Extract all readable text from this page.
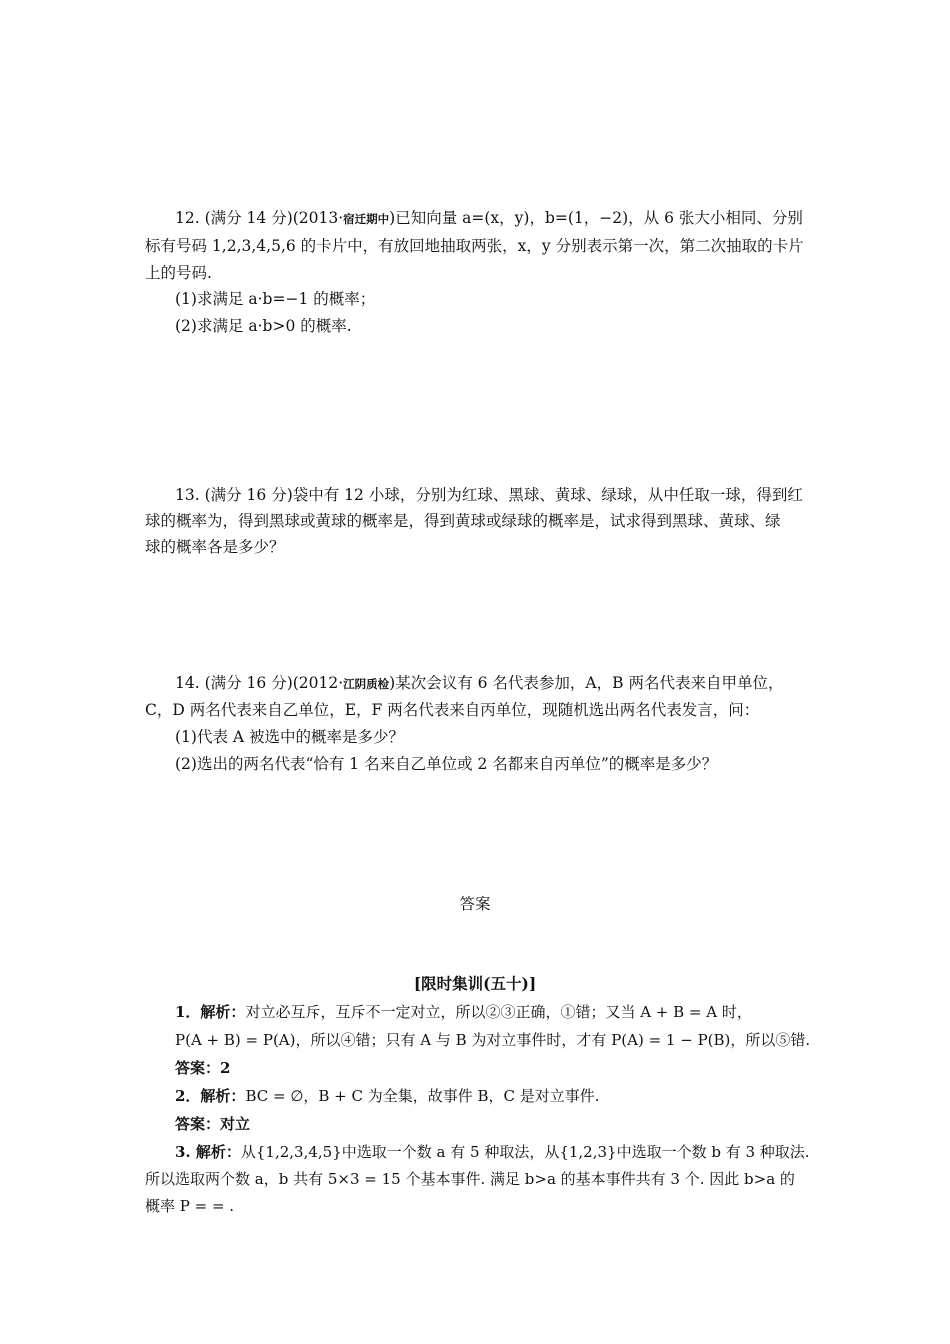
12. (满分 14 分)(2013·宿迁期中)已知向量 a=(x，y)，b=(1，−2)，从 6 张大小相同、分别

标有号码 1,2,3,4,5,6 的卡片中，有放回地抽取两张，x，y 分别表示第一次，第二次抽取的卡片

上的号码.

(1)求满足 a·b=−1 的概率；

(2)求满足 a·b>0 的概率.

13. (满分 16 分)袋中有 12 小球，分别为红球、黑球、黄球、绿球，从中任取一球，得到红

球的概率为，得到黑球或黄球的概率是，得到黄球或绿球的概率是，试求得到黑球、黄球、绿

球的概率各是多少？

14. (满分 16 分)(2012·江阴质检)某次会议有 6 名代表参加，A，B 两名代表来自甲单位，

C，D 两名代表来自乙单位，E，F 两名代表来自丙单位，现随机选出两名代表发言，问：

(1)代表 A 被选中的概率是多少？

(2)选出的两名代表“恰有 1 名来自乙单位或 2 名都来自丙单位”的概率是多少？

答案

[限时集训(五十)]

1．解析：对立必互斥，互斥不一定对立，所以②③正确，①错；又当 A + B = A 时，

P(A + B) = P(A)，所以④错；只有 A 与 B 为对立事件时，才有 P(A) = 1 − P(B)，所以⑤错.

答案：2

2．解析：BC = ∅，B + C 为全集，故事件 B，C 是对立事件.

答案：对立

3. 解析：从{1,2,3,4,5}中选取一个数 a 有 5 种取法，从{1,2,3}中选取一个数 b 有 3 种取法.

所以选取两个数 a，b 共有 5×3 = 15 个基本事件. 满足 b>a 的基本事件共有 3 个. 因此 b>a 的

概率 P = = .
